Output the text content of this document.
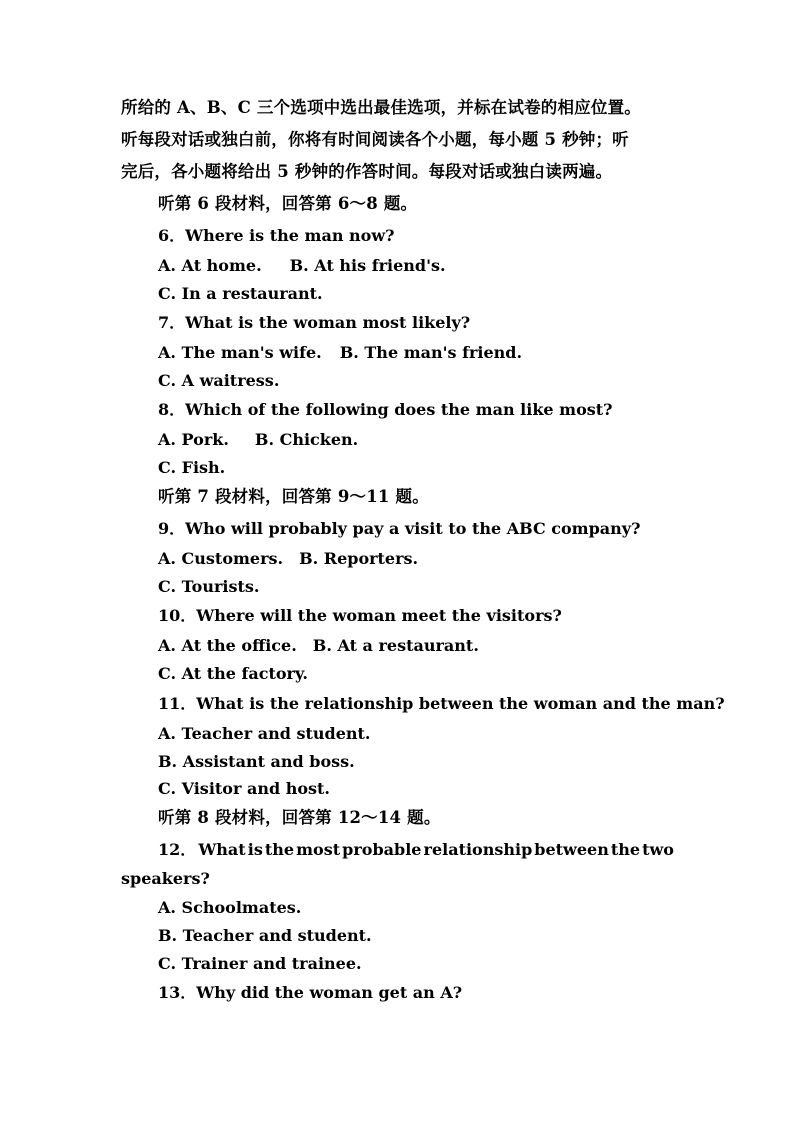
所给的 A、B、C 三个选项中选出最佳选项，并标在试卷的相应位置。
听每段对话或独白前，你将有时间阅读各个小题，每小题 5 秒钟；听
完后，各小题将给出 5 秒钟的作答时间。每段对话或独白读两遍。
听第 6 段材料，回答第 6～8 题。
6．Where is the man now?
A. At home. B. At his friend's.
C. In a restaurant.
7．What is the woman most likely?
A. The man's wife. B. The man's friend.
C. A waitress.
8．Which of the following does the man like most?
A. Pork. B. Chicken.
C. Fish.
听第 7 段材料，回答第 9～11 题。
9．Who will probably pay a visit to the ABC company?
A. Customers. B. Reporters.
C. Tourists.
10．Where will the woman meet the visitors?
A. At the office. B. At a restaurant.
C. At the factory.
11．What is the relationship between the woman and the man?
A. Teacher and student.
B. Assistant and boss.
C. Visitor and host.
听第 8 段材料，回答第 12～14 题。
12． What is the most probable relationship between the two
speakers?
A. Schoolmates.
B. Teacher and student.
C. Trainer and trainee.
13．Why did the woman get an A?
